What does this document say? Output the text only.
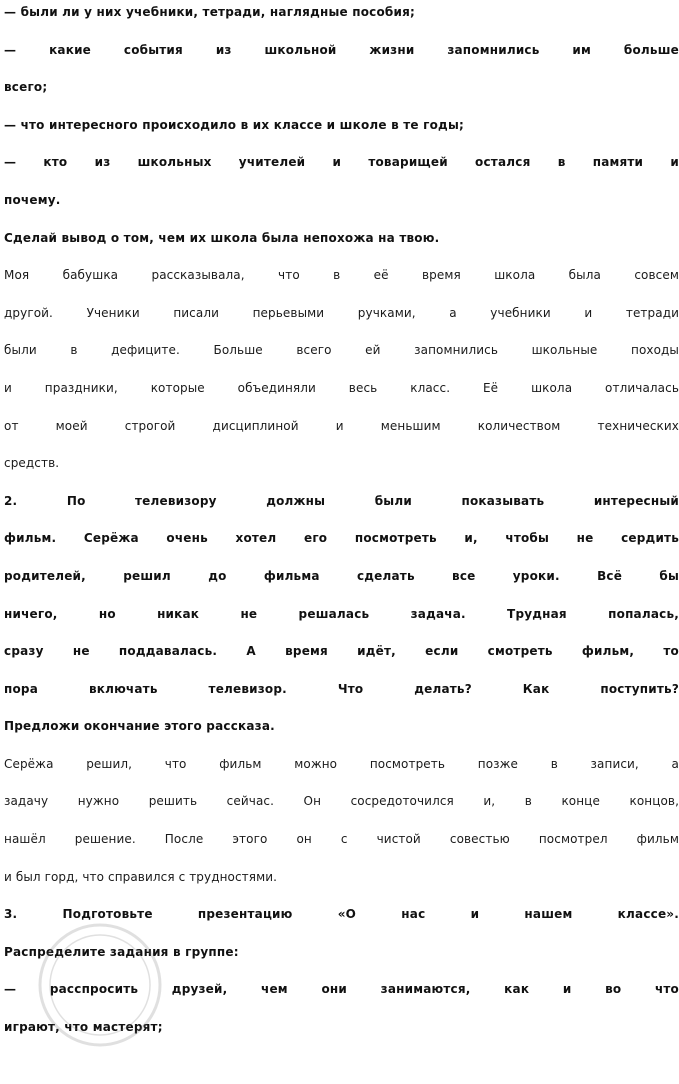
— были ли у них учебники, тетради, наглядные пособия;
— какие события из школьной жизни запомнились им больше
всего;
— что интересного происходило в их классе и школе в те годы;
— кто из школьных учителей и товарищей остался в памяти и
почему.
Сделай вывод о том, чем их школа была непохожа на твою.
Моя бабушка рассказывала, что в её время школа была совсем
другой. Ученики писали перьевыми ручками, а учебники и тетради
были в дефиците. Больше всего ей запомнились школьные походы
и праздники, которые объединяли весь класс. Её школа отличалась
от моей строгой дисциплиной и меньшим количеством технических
средств.
2. По телевизору должны были показывать интересный
фильм. Серёжа очень хотел его посмотреть и, чтобы не сердить
родителей, решил до фильма сделать все уроки. Всё бы
ничего, но никак не решалась задача. Трудная попалась,
сразу не поддавалась. А время идёт, если смотреть фильм, то
пора включать телевизор. Что делать? Как поступить?
Предложи окончание этого рассказа.
Серёжа решил, что фильм можно посмотреть позже в записи, а
задачу нужно решить сейчас. Он сосредоточился и, в конце концов,
нашёл решение. После этого он с чистой совестью посмотрел фильм
и был горд, что справился с трудностями.
3. Подготовьте презентацию «О нас и нашем классе».
Распределите задания в группе:
— расспросить друзей, чем они занимаются, как и во что
играют, что мастерят;
